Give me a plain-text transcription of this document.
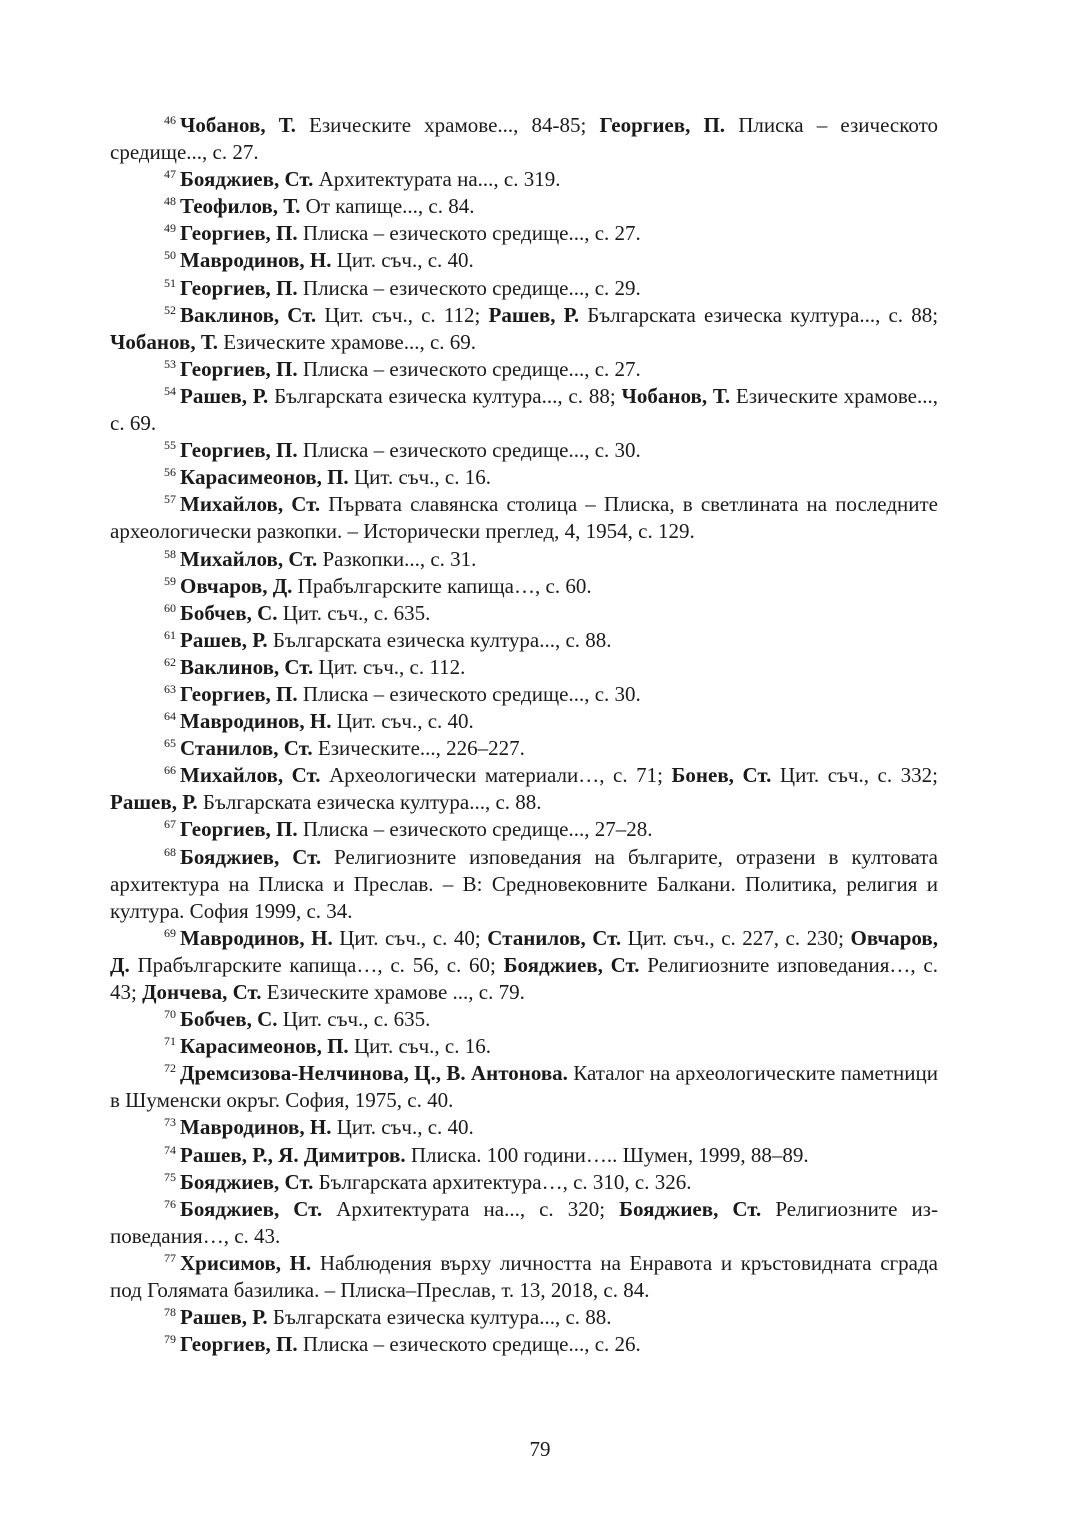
$^{46}$ Чобанов, Т. Езическите храмове..., 84-85; Георгиев, П. Плиска – езическото средище..., с. 27.

$^{47}$ Бояджиев, Ст. Архитектурата на..., с. 319.

$^{48}$ Теофилов, Т. От капище..., с. 84.

$^{49}$ Георгиев, П. Плиска – езическото средище..., с. 27.

$^{50}$ Мавродинов, Н. Цит. съч., с. 40.

$^{51}$ Георгиев, П. Плиска – езическото средище..., с. 29.

$^{52}$ Ваклинов, Ст. Цит. съч., с. 112; Рашев, Р. Българската езическа култура..., с. 88; Чобанов, Т. Езическите храмове..., с. 69.

$^{53}$ Георгиев, П. Плиска – езическото средище..., с. 27.

$^{54}$ Рашев, Р. Българската езическа култура..., с. 88; Чобанов, Т. Езическите храмове..., с. 69.

$^{55}$ Георгиев, П. Плиска – езическото средище..., с. 30.

$^{56}$ Карасимеонов, П. Цит. съч., с. 16.

$^{57}$ Михайлов, Ст. Първата славянска столица – Плиска, в светлината на последните археологически разкопки. – Исторически преглед, 4, 1954, с. 129.

$^{58}$ Михайлов, Ст. Разкопки..., с. 31.

$^{59}$ Овчаров, Д. Прабългарските капища…, с. 60.

$^{60}$ Бобчев, С. Цит. съч., с. 635.

$^{61}$ Рашев, Р. Българската езическа култура..., с. 88.

$^{62}$ Ваклинов, Ст. Цит. съч., с. 112.

$^{63}$ Георгиев, П. Плиска – езическото средище..., с. 30.

$^{64}$ Мавродинов, Н. Цит. съч., с. 40.

$^{65}$ Станилов, Ст. Езическите..., 226–227.

$^{66}$ Михайлов, Ст. Археологически материали…, с. 71; Бонев, Ст. Цит. съч., с. 332; Рашев, Р. Българската езическа култура..., с. 88.

$^{67}$ Георгиев, П. Плиска – езическото средище..., 27–28.

$^{68}$ Бояджиев, Ст. Религиозните изповедания на българите, отразени в култовата архитектура на Плиска и Преслав. – В: Средновековните Балкани. Политика, религия и култура. София 1999, с. 34.

$^{69}$ Мавродинов, Н. Цит. съч., с. 40; Станилов, Ст. Цит. съч., с. 227, с. 230; Овчаров, Д. Прабългарските капища…, с. 56, с. 60; Бояджиев, Ст. Религиозните изповедания…, с. 43; Дончева, Ст. Езическите храмове ..., с. 79.

$^{70}$ Бобчев, С. Цит. съч., с. 635.

$^{71}$ Карасимеонов, П. Цит. съч., с. 16.

$^{72}$ Дремсизова-Нелчинова, Ц., В. Антонова. Каталог на археологическите паметници в Шуменски окръг. София, 1975, с. 40.

$^{73}$ Мавродинов, Н. Цит. съч., с. 40.

$^{74}$ Рашев, Р., Я. Димитров. Плиска. 100 години….. Шумен, 1999, 88–89.

$^{75}$ Бояджиев, Ст. Българската архитектура…, с. 310, с. 326.

$^{76}$ Бояджиев, Ст. Архитектурата на..., с. 320; Бояджиев, Ст. Религиозните изповедания…, с. 43.

$^{77}$ Хрисимов, Н. Наблюдения върху личността на Енравота и кръстовидната сграда под Голямата базилика. – Плиска–Преслав, т. 13, 2018, с. 84.

$^{78}$ Рашев, Р. Българската езическа култура..., с. 88.

$^{79}$ Георгиев, П. Плиска – езическото средище..., с. 26.

79
